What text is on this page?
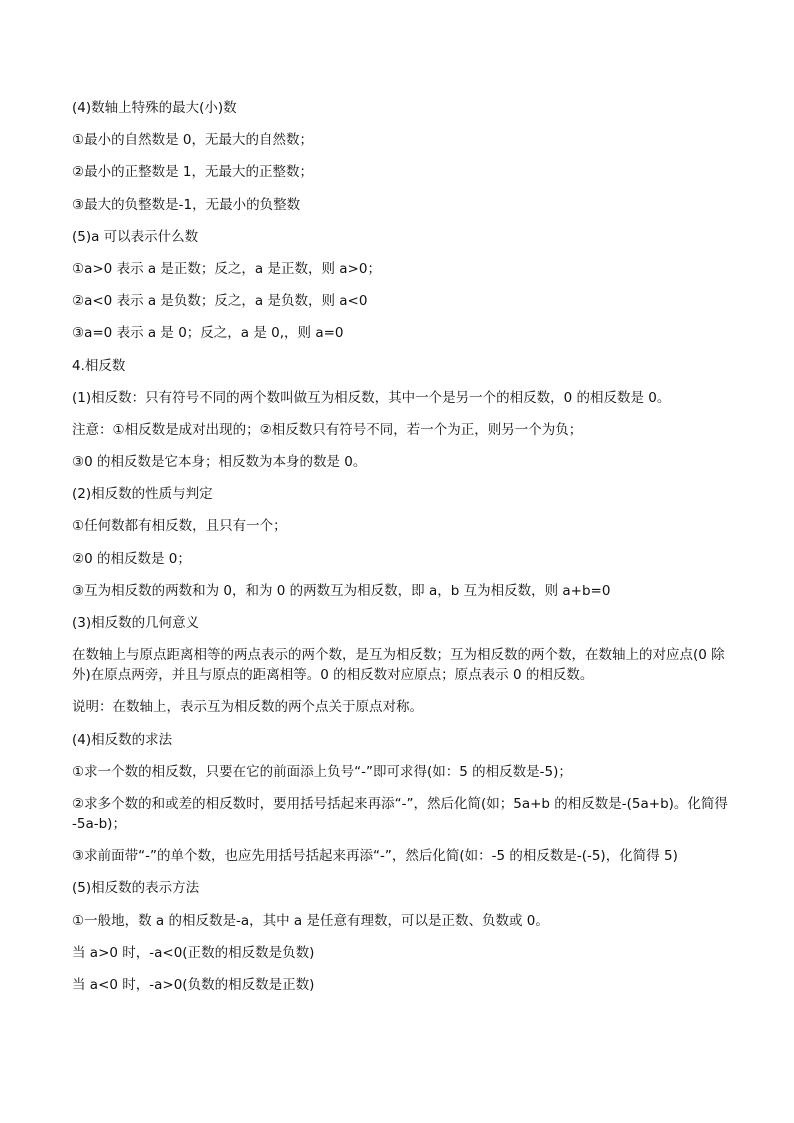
(4)数轴上特殊的最大(小)数

①最小的自然数是 0，无最大的自然数；

②最小的正整数是 1，无最大的正整数；

③最大的负整数是-1，无最小的负整数

(5)a 可以表示什么数

①a>0 表示 a 是正数；反之，a 是正数，则 a>0；

②a<0 表示 a 是负数；反之，a 是负数，则 a<0

③a=0 表示 a 是 0；反之，a 是 0,，则 a=0

4.相反数

(1)相反数：只有符号不同的两个数叫做互为相反数，其中一个是另一个的相反数，0 的相反数是 0。

注意：①相反数是成对出现的；②相反数只有符号不同，若一个为正，则另一个为负；

③0 的相反数是它本身；相反数为本身的数是 0。

(2)相反数的性质与判定

①任何数都有相反数，且只有一个；

②0 的相反数是 0；

③互为相反数的两数和为 0，和为 0 的两数互为相反数，即 a，b 互为相反数，则 a+b=0

(3)相反数的几何意义

在数轴上与原点距离相等的两点表示的两个数，是互为相反数；互为相反数的两个数，在数轴上的对应点(0 除外)在原点两旁，并且与原点的距离相等。0 的相反数对应原点；原点表示 0 的相反数。

说明：在数轴上，表示互为相反数的两个点关于原点对称。

(4)相反数的求法

①求一个数的相反数，只要在它的前面添上负号“-”即可求得(如：5 的相反数是-5)；

②求多个数的和或差的相反数时，要用括号括起来再添“-”，然后化简(如；5a+b 的相反数是-(5a+b)。化简得 -5a-b)；

③求前面带“-”的单个数，也应先用括号括起来再添“-”，然后化简(如：-5 的相反数是-(-5)，化简得 5)

(5)相反数的表示方法

①一般地，数 a 的相反数是-a，其中 a 是任意有理数，可以是正数、负数或 0。

当 a>0 时，-a<0(正数的相反数是负数)

当 a<0 时，-a>0(负数的相反数是正数)
